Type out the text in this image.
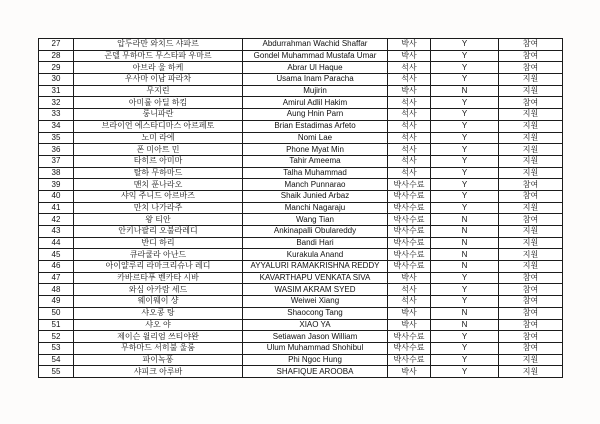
27	압두라만 와치드 샤파르	Abdurrahman Wachid Shaffar	박사	Y	참여
28	곤델 무하마드 무스타파 우마르	Gondel Muhammad Mustafa Umar	박사	Y	참여
29	아브라 울 하케	Abrar Ul Haque	석사	Y	참여
30	우사마 이남 파라차	Usama Inam Paracha	석사	Y	지원
31	무지린	Mujirin	박사	N	지원
32	아미룰 아딜 하킴	Amirul Adlil Hakim	석사	Y	참여
33	룽니파란	Aung Hnin Parn	석사	Y	지원
34	브라이언 에스타디마스 아르페토	Brian Estadimas Arfeto	석사	Y	지원
35	노미 라에	Nomi Lae	석사	Y	지원
36	폰 미아트 민	Phone Myat Min	석사	Y	지원
37	타히르 아미마	Tahir Ameema	석사	Y	지원
38	탈하 무하마드	Talha Muhammad	석사	Y	지원
39	맨치 푼나라오	Manch Punnarao	박사수료	Y	참여
40	샤익 주니드 아르바즈	Shaik Junied Arbaz	박사수료	Y	참여
41	만치 나가라주	Manchi Nagaraju	박사수료	Y	지원
42	왕 티안	Wang Tian	박사수료	N	참여
43	안키나팔리 오불라레디	Ankinapalli Obulareddy	박사수료	N	지원
44	반디 하리	Bandi Hari	박사수료	N	지원
45	큐라쿨라 아난드	Kurakula Anand	박사수료	N	지원
46	아이얄루리 라마크리슈나 레디	AYYALURI RAMAKRISHNA REDDY	박사수료	N	지원
47	카바르타푸 벤카타 시바	KAVARTHAPU VENKATA SIVA	박사	Y	참여
48	와심 아카람 세드	WASIM AKRAM SYED	석사	Y	참여
49	웨이웨이 샹	Weiwei Xiang	석사	Y	참여
50	샤오콩 탕	Shaocong Tang	박사	N	참여
51	샤오 야	XIAO YA	박사	N	참여
52	제이슨 윌리엄 쓰티야완	Setiawan Jason William	박사수료	Y	참여
53	무하마드 서히불 울룸	Ulum Muhammad Shohibul	박사수료	Y	참여
54	파이녹퐁	Phi Ngoc Hung	박사수료	Y	지원
55	샤피크 아루바	SHAFIQUE AROOBA	박사	Y	지원
